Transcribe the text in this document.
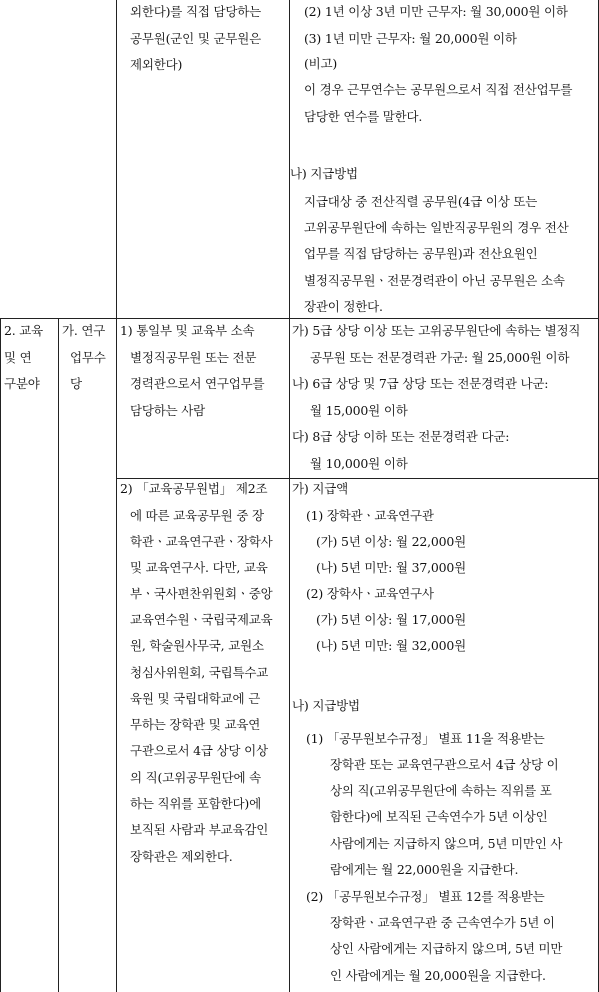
외한다)를 직접 담당하는
공무원(군인 및 군무원은
제외한다)
(2) 1년 이상 3년 미만 근무자: 월 30,000원 이하
(3) 1년 미만 근무자: 월 20,000원 이하
(비고)
이 경우 근무연수는 공무원으로서 직접 전산업무를
담당한 연수를 말한다.
나) 지급방법
지급대상 중 전산직렬 공무원(4급 이상 또는
고위공무원단에 속하는 일반직공무원의 경우 전산
업무를 직접 담당하는 공무원)과 전산요원인
별정직공무원ㆍ전문경력관이 아닌 공무원은 소속
장관이 정한다.
2. 교육
및 연
구분야
가. 연구
업무수
당
1) 통일부 및 교육부 소속
별정직공무원 또는 전문
경력관으로서 연구업무를
담당하는 사람
가) 5급 상당 이상 또는 고위공무원단에 속하는 별정직
공무원 또는 전문경력관 가군: 월 25,000원 이하
나) 6급 상당 및 7급 상당 또는 전문경력관 나군:
월 15,000원 이하
다) 8급 상당 이하 또는 전문경력관 다군:
월 10,000원 이하
2) 「교육공무원법」 제2조
에 따른 교육공무원 중 장
학관ㆍ교육연구관ㆍ장학사
및 교육연구사. 다만, 교육
부ㆍ국사편찬위원회ㆍ중앙
교육연수원ㆍ국립국제교육
원, 학술원사무국, 교원소
청심사위원회, 국립특수교
육원 및 국립대학교에 근
무하는 장학관 및 교육연
구관으로서 4급 상당 이상
의 직(고위공무원단에 속
하는 직위를 포함한다)에
보직된 사람과 부교육감인
장학관은 제외한다.
가) 지급액
(1) 장학관ㆍ교육연구관
(가) 5년 이상: 월 22,000원
(나) 5년 미만: 월 37,000원
(2) 장학사ㆍ교육연구사
(가) 5년 이상: 월 17,000원
(나) 5년 미만: 월 32,000원
나) 지급방법
(1) 「공무원보수규정」 별표 11을 적용받는
장학관 또는 교육연구관으로서 4급 상당 이
상의 직(고위공무원단에 속하는 직위를 포
함한다)에 보직된 근속연수가 5년 이상인
사람에게는 지급하지 않으며, 5년 미만인 사
람에게는 월 22,000원을 지급한다.
(2) 「공무원보수규정」 별표 12를 적용받는
장학관ㆍ교육연구관 중 근속연수가 5년 이
상인 사람에게는 지급하지 않으며, 5년 미만
인 사람에게는 월 20,000원을 지급한다.
